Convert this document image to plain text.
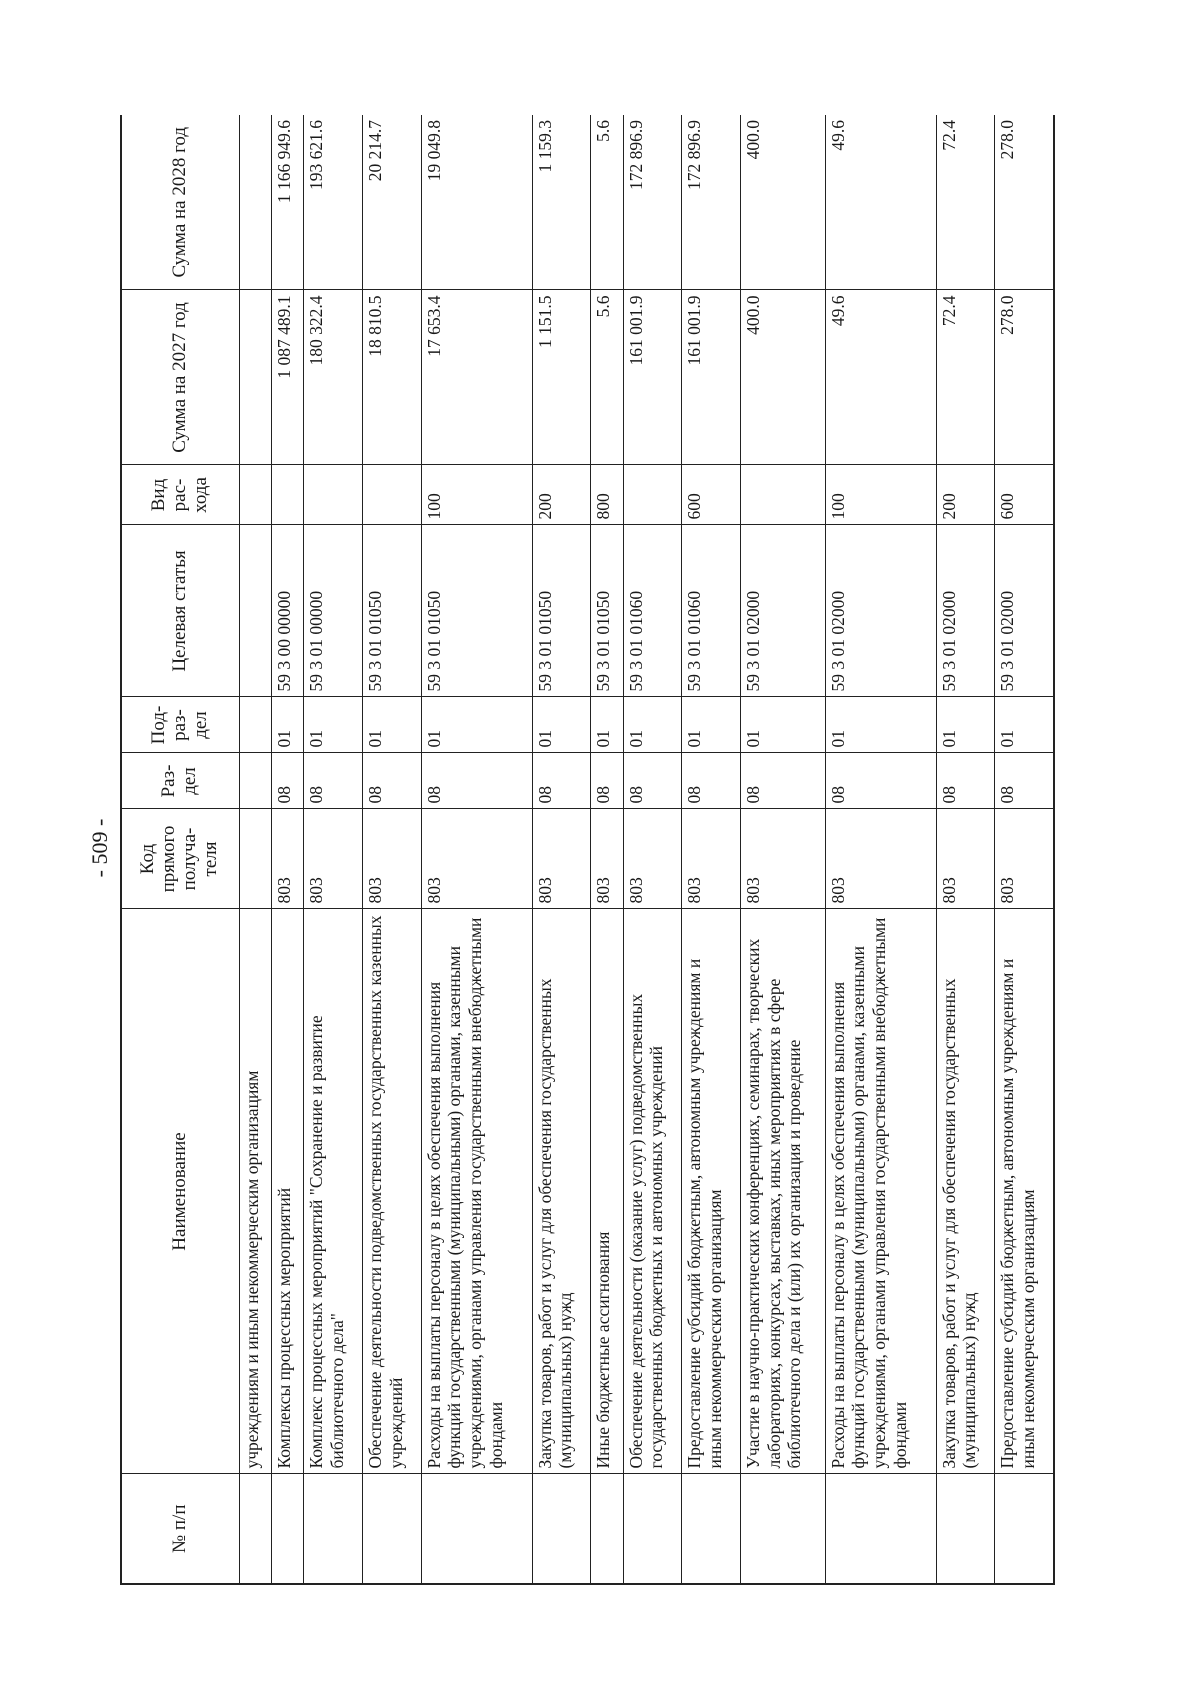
- 509 -
№ п/п	Наименование	Код прямого получа-теля	Раз-дел	Под-раз-дел	Целевая статья	Вид рас-хода	Сумма на 2027 год	Сумма на 2028 год
	учреждениям и иным некоммерческим организациям							
	Комплексы процессных мероприятий	803	08	01	59 3 00 00000		1 087 489.1	1 166 949.6
	Комплекс процессных мероприятий "Сохранение и развитие библиотечного дела"	803	08	01	59 3 01 00000		180 322.4	193 621.6
	Обеспечение деятельности подведомственных государственных казенных учреждений	803	08	01	59 3 01 01050		18 810.5	20 214.7
	Расходы на выплаты персоналу в целях обеспечения выполнения функций государственными (муниципальными) органами, казенными учреждениями, органами управления государственными внебюджетными фондами	803	08	01	59 3 01 01050	100	17 653.4	19 049.8
	Закупка товаров, работ и услуг для обеспечения государственных (муниципальных) нужд	803	08	01	59 3 01 01050	200	1 151.5	1 159.3
	Иные бюджетные ассигнования	803	08	01	59 3 01 01050	800	5.6	5.6
	Обеспечение деятельности (оказание услуг) подведомственных государственных бюджетных и автономных учреждений	803	08	01	59 3 01 01060		161 001.9	172 896.9
	Предоставление субсидий бюджетным, автономным учреждениям и иным некоммерческим организациям	803	08	01	59 3 01 01060	600	161 001.9	172 896.9
	Участие в научно-практических конференциях, семинарах, творческих лабораториях, конкурсах, выставках, иных мероприятиях в сфере библиотечного дела и (или) их организация и проведение	803	08	01	59 3 01 02000		400.0	400.0
	Расходы на выплаты персоналу в целях обеспечения выполнения функций государственными (муниципальными) органами, казенными учреждениями, органами управления государственными внебюджетными фондами	803	08	01	59 3 01 02000	100	49.6	49.6
	Закупка товаров, работ и услуг для обеспечения государственных (муниципальных) нужд	803	08	01	59 3 01 02000	200	72.4	72.4
	Предоставление субсидий бюджетным, автономным учреждениям и иным некоммерческим организациям	803	08	01	59 3 01 02000	600	278.0	278.0
